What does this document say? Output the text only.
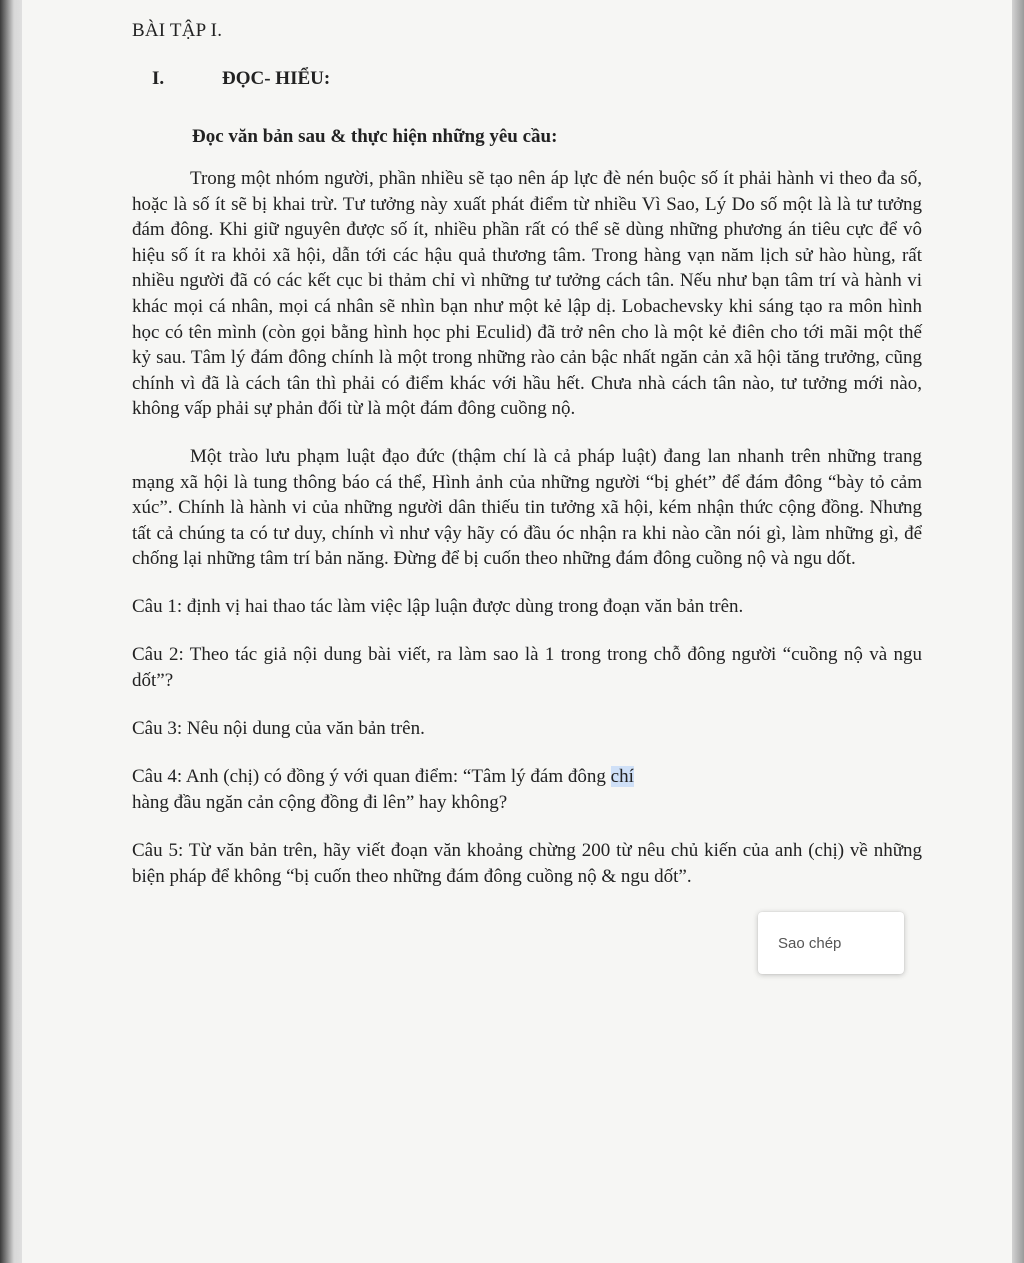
BÀI TẬP I.
I.	ĐỌC- HIỂU:
Đọc văn bản sau & thực hiện những yêu cầu:

Trong một nhóm người, phần nhiều sẽ tạo nên áp lực đè nén buộc số ít phải hành vi theo đa số, hoặc là số ít sẽ bị khai trừ. Tư tưởng này xuất phát điểm từ nhiều Vì Sao, Lý Do số một là là tư tưởng đám đông. Khi giữ nguyên được số ít, nhiều phần rất có thể sẽ dùng những phương án tiêu cực để vô hiệu số ít ra khỏi xã hội, dẫn tới các hậu quả thương tâm. Trong hàng vạn năm lịch sử hào hùng, rất nhiều người đã có các kết cục bi thảm chỉ vì những tư tưởng cách tân. Nếu như bạn tâm trí và hành vi khác mọi cá nhân, mọi cá nhân sẽ nhìn bạn như một kẻ lập dị. Lobachevsky khi sáng tạo ra môn hình học có tên mình (còn gọi bằng hình học phi Eculid) đã trở nên cho là một kẻ điên cho tới mãi một thế kỷ sau. Tâm lý đám đông chính là một trong những rào cản bậc nhất ngăn cản xã hội tăng trưởng, cũng chính vì đã là cách tân thì phải có điểm khác với hầu hết. Chưa nhà cách tân nào, tư tưởng mới nào, không vấp phải sự phản đối từ là một đám đông cuồng nộ.

Một trào lưu phạm luật đạo đức (thậm chí là cả pháp luật) đang lan nhanh trên những trang mạng xã hội là tung thông báo cá thể, Hình ảnh của những người “bị ghét” để đám đông “bày tỏ cảm xúc”. Chính là hành vi của những người dân thiếu tin tưởng xã hội, kém nhận thức cộng đồng. Nhưng tất cả chúng ta có tư duy, chính vì như vậy hãy có đầu óc nhận ra khi nào cần nói gì, làm những gì, để chống lại những tâm trí bản năng. Đừng để bị cuốn theo những đám đông cuồng nộ và ngu dốt.

Câu 1: định vị hai thao tác làm việc lập luận được dùng trong đoạn văn bản trên.

Câu 2: Theo tác giả nội dung bài viết, ra làm sao là 1 trong trong chỗ đông người “cuồng nộ và ngu dốt”?

Câu 3: Nêu nội dung của văn bản trên.

Câu 4: Anh (chị) có đồng ý với quan điểm: “Tâm lý đám đông chí
hàng đầu ngăn cản cộng đồng đi lên” hay không?

Câu 5: Từ văn bản trên, hãy viết đoạn văn khoảng chừng 200 từ nêu chủ kiến của anh (chị) về những biện pháp để không “bị cuốn theo những đám đông cuồng nộ & ngu dốt”.

Sao chép
